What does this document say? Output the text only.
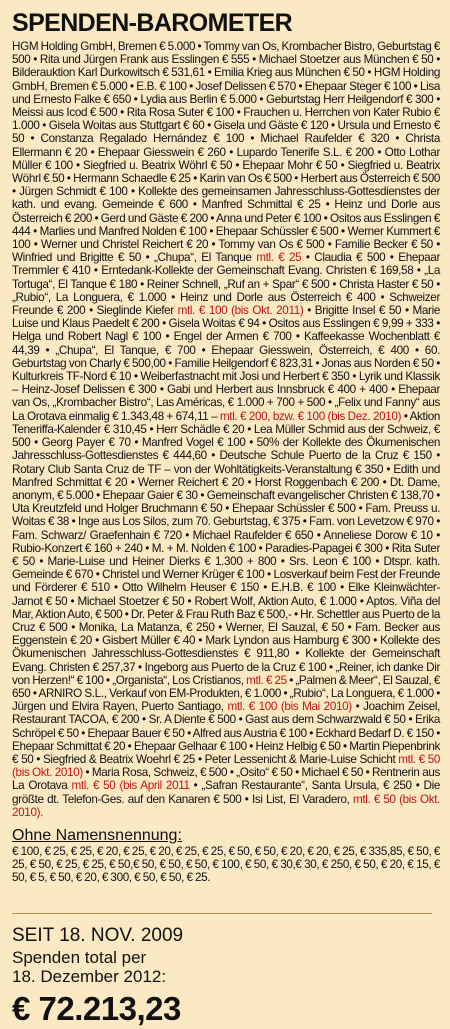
SPENDEN-BAROMETER
HGM Holding GmbH, Bremen € 5.000 • Tommy van Os, Krombacher Bistro, Geburtstag € 500 • Rita und Jürgen Frank aus Esslingen € 555 • Michael Stoetzer aus München € 50 • Bilderauktion Karl Durkowitsch € 531,61 • Emilia Krieg aus München € 50 • HGM Holding GmbH, Bremen € 5.000 • E.B. € 100 • Josef Delissen € 570 • Ehepaar Steger € 100 • Lisa und Ernesto Falke € 650 • Lydia aus Berlin € 5.000 • Geburtstag Herr Heilgendorf € 300 • Meissi aus Icod € 500 • Rita Rosa Suter € 100 • Frauchen u. Herrchen von Kater Rubio € 1.000 • Gisela Woitas aus Stuttgart € 60 • Gisela und Gäste € 120 • Ursula und Ernesto € 50 • Constanza Regalado Hernández € 100 • Michael Raufelder € 320 • Christa Ellermann € 20 • Ehepaar Giesswein € 260 • Lupardo Tenerife S.L. € 200 • Otto Lothar Müller € 100 • Siegfried u. Beatrix Wöhrl € 50 • Ehepaar Mohr € 50 • Siegfried u. Beatrix Wöhrl € 50 • Hermann Schaedle € 25 • Karin van Os € 500 • Herbert aus Österreich € 500 • Jürgen Schmidt € 100 • Kollekte des gemeinsamen Jahresschluss-Gottesdienstes der kath. und evang. Gemeinde € 600 • Manfred Schmittal € 25 • Heinz und Dorle aus Österreich € 200 • Gerd und Gäste € 200 • Anna und Peter € 100 • Ositos aus Esslingen € 444 • Marlies und Manfred Nolden € 100 • Ehepaar Schüssler € 500 • Werner Kummert € 100 • Werner und Christel Reichert € 20 • Tommy van Os € 500 • Familie Becker € 50 • Winfried und Brigitte € 50 • „Chupa“, El Tanque mtl. € 25 • Claudia € 500 • Ehepaar Tremmler € 410 • Erntedank-Kollekte der Gemeinschaft Evang. Christen € 169,58 • „La Tortuga“, El Tanque € 180 • Reiner Schnell, „Ruf an + Spar“ € 500 • Christa Haster € 50 • „Rubio“, La Longuera, € 1.000 • Heinz und Dorle aus Österreich € 400 • Schweizer Freunde € 200 • Sieglinde Kiefer mtl. € 100 (bis Okt. 2011) • Brigitte Insel € 50 • Marie Luise und Klaus Paedelt € 200 • Gisela Woitas € 94 • Ositos aus Esslingen € 9,99 + 333 • Helga und Robert Nagl € 100 • Engel der Armen € 700 • Kaffeekasse Wochenblatt € 44,39 • „Chupa“, El Tanque, € 700 • Ehepaar Giesswein, Österreich, € 400 • 60. Geburtstag von Charly € 500,00 • Familie Heilgendorf € 823,31 • Jonas aus Norden € 50 • Kulturkreis TF-Nord € 10 • Weiberfastnacht mit Josi und Herbert € 350 • Lyrik und Klassik – Heinz-Josef Delissen € 300 • Gabi und Herbert aus Innsbruck € 400 + 400 • Ehepaar van Os, „Krombacher Bistro“, Las Américas, € 1.000 + 700 + 500 • „Felix und Fanny“ aus La Orotava einmalig € 1.343,48 + 674,11 – mtl. € 200, bzw. € 100 (bis Dez. 2010) • Aktion Teneriffa-Kalender € 310,45 • Herr Schädle € 20 • Lea Müller Schmid aus der Schweiz, € 500 • Georg Payer € 70 • Manfred Vogel € 100 • 50% der Kollekte des Ökumenischen Jahresschluss-Gottesdienstes € 444,60 • Deutsche Schule Puerto de la Cruz € 150 • Rotary Club Santa Cruz de TF – von der Wohltätigkeits-Veranstaltung € 350 • Edith und Manfred Schmittat € 20 • Werner Reichert € 20 • Horst Roggenbach € 200 • Dt. Dame, anonym, € 5.000 • Ehepaar Gaier € 30 • Gemeinschaft evangelischer Christen € 138,70 • Uta Kreutzfeld und Holger Bruchmann € 50 • Ehepaar Schüssler € 500 • Fam. Preuss u. Woitas € 38 • Inge aus Los Silos, zum 70. Geburtstag, € 375 • Fam. von Levetzow € 970 • Fam. Schwarz/ Graefenhain € 720 • Michael Raufelder € 650 • Anneliese Dorow € 10 • Rubio-Konzert € 160 + 240 • M. + M. Nolden € 100 • Paradies-Papagei € 300 • Rita Suter € 50 • Marie-Luise und Heiner Dierks € 1.300 + 800 • Srs. Leon € 100 • Dtspr. kath. Gemeinde € 670 • Christel und Werner Krüger € 100 • Losverkauf beim Fest der Freunde und Förderer € 510 • Otto Wilhelm Heuser € 150 • E.H.B. € 100 • Elke Kleinwächter-Jarnot € 50 • Michael Stoetzer € 50 • Robert Wolf, Aktion Auto, € 1.000 • Aptos. Viña del Mar, Aktion Auto, € 500 • Dr. Peter & Frau Ruth Baz € 500,- • Hr. Schettler aus Puerto de la Cruz € 500 • Monika, La Matanza, € 250 • Werner, El Sauzal, € 50 • Fam. Becker aus Eggenstein € 20 • Gisbert Müller € 40 • Mark Lyndon aus Hamburg € 300 • Kollekte des Ökumenischen Jahresschluss-Gottesdienstes € 911,80 • Kollekte der Gemeinschaft Evang. Christen € 257,37 • Ingeborg aus Puerto de la Cruz € 100 • „Reiner, ich danke Dir von Herzen!“ € 100 • „Organista“, Los Cristianos, mtl. € 25 • „Palmen & Meer“, El Sauzal, € 650 • ARNIRO S.L., Verkauf von EM-Produkten, € 1.000 • „Rubio“, La Longuera, € 1.000 • Jürgen und Elvira Rayen, Puerto Santiago, mtl. € 100 (bis Mai 2010) • Joachim Zeisel, Restaurant TACOA, € 200 • Sr. A Diente € 500 • Gast aus dem Schwarzwald € 50 • Erika Schröpel € 50 • Ehepaar Bauer € 50 • Alfred aus Austria € 100 • Eckhard Bedarf D. € 150 • Ehepaar Schmittat € 20 • Ehepaar Gelhaar € 100 • Heinz Helbig € 50 • Martin Piepenbrink € 50 • Siegfried & Beatrix Woehrl € 25 • Peter Lessenicht & Marie-Luise Schicht mtl. € 50 (bis Okt. 2010) • Maria Rosa, Schweiz, € 500 • „Osito“ € 50 • Michael € 50 • Rentnerin aus La Orotava mtl. € 50 (bis April 2011 • „Safran Restaurante“, Santa Ursula, € 250 • Die größte dt. Telefon-Ges. auf den Kanaren € 500 • Isi List, El Varadero, mtl. € 50 (bis Okt. 2010).
Ohne Namensnennung:
€ 100, € 25, € 25, € 20, € 25, € 20, € 25, € 25, € 50, € 50, € 20, € 20, € 25, € 335,85, € 50, € 25, € 50, € 25, € 25, € 50,€ 50, € 50, € 50, € 100, € 50, € 30,€ 30, € 250, € 50, € 20, € 15, € 50, € 5, € 50, € 20, € 300, € 50, € 50, € 25.
SEIT 18. NOV. 2009
Spenden total per
18. Dezember 2012:
€ 72.213,23
